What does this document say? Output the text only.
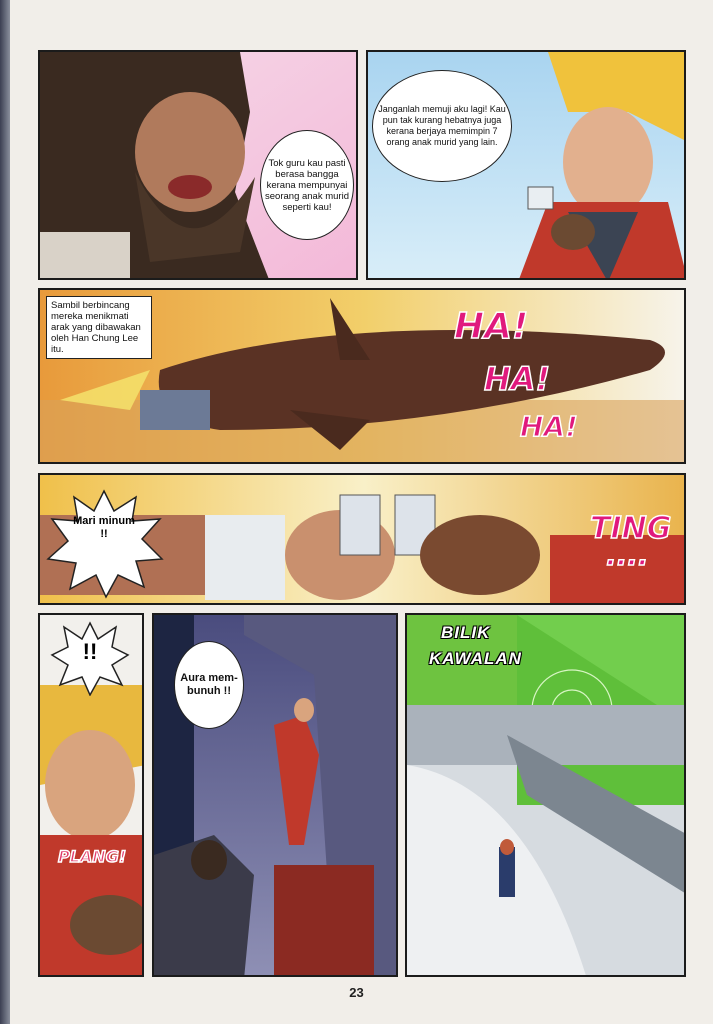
Tok guru kau pasti berasa bangga kerana mempunyai seorang anak murid seperti kau!
Janganlah memuji aku lagi! Kau pun tak kurang hebatnya juga kerana berjaya memimpin 7 orang anak murid yang lain.
Sambil berbincang mereka menikmati arak yang dibawakan oleh Han Chung Lee itu.
HA!
HA!
HA!
Mari minum !!	TING
....
!!
PLANG!
Aura mem- bunuh !!
BILIK
KAWALAN
23
